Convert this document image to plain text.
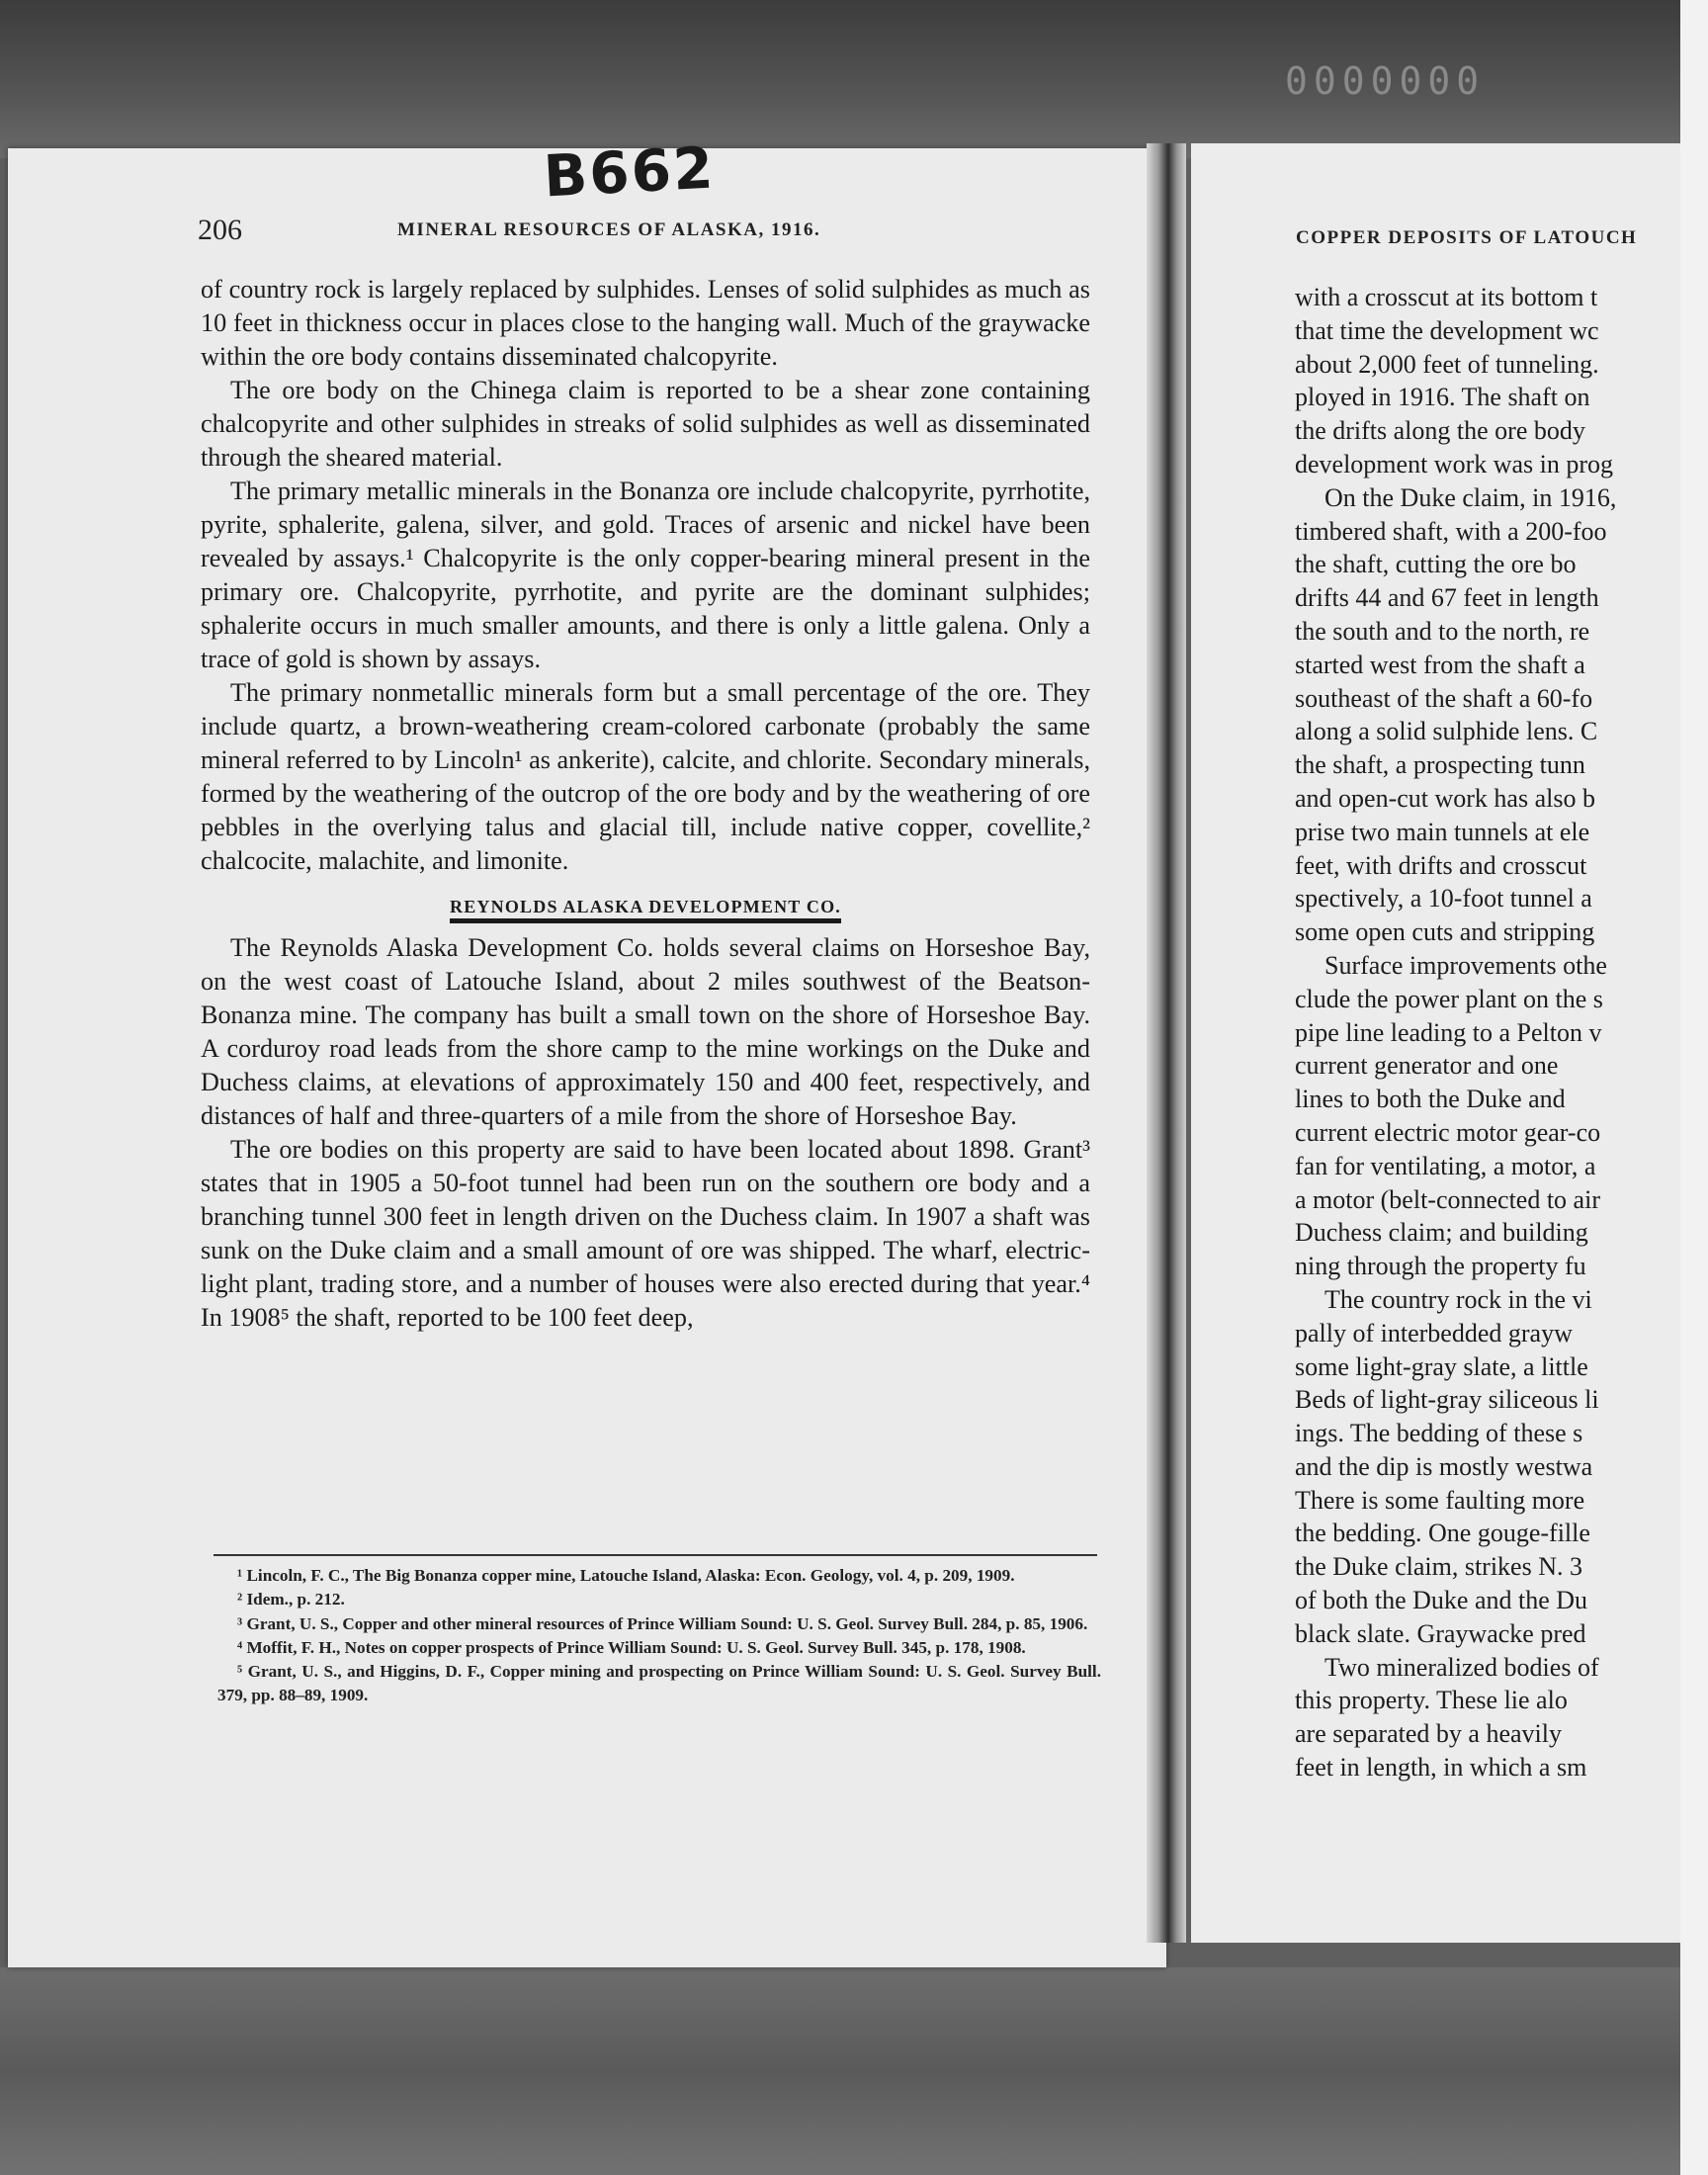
0000000
B662
206	MINERAL RESOURCES OF ALASKA, 1916.

of country rock is largely replaced by sulphides. Lenses of solid sulphides as much as 10 feet in thickness occur in places close to the hanging wall. Much of the graywacke within the ore body contains disseminated chalcopyrite.

The ore body on the Chinega claim is reported to be a shear zone containing chalcopyrite and other sulphides in streaks of solid sulphides as well as disseminated through the sheared material.

The primary metallic minerals in the Bonanza ore include chalcopyrite, pyrrhotite, pyrite, sphalerite, galena, silver, and gold. Traces of arsenic and nickel have been revealed by assays.¹ Chalcopyrite is the only copper-bearing mineral present in the primary ore. Chalcopyrite, pyrrhotite, and pyrite are the dominant sulphides; sphalerite occurs in much smaller amounts, and there is only a little galena. Only a trace of gold is shown by assays.

The primary nonmetallic minerals form but a small percentage of the ore. They include quartz, a brown-weathering cream-colored carbonate (probably the same mineral referred to by Lincoln¹ as ankerite), calcite, and chlorite. Secondary minerals, formed by the weathering of the outcrop of the ore body and by the weathering of ore pebbles in the overlying talus and glacial till, include native copper, covellite,² chalcocite, malachite, and limonite.

REYNOLDS ALASKA DEVELOPMENT CO.

The Reynolds Alaska Development Co. holds several claims on Horseshoe Bay, on the west coast of Latouche Island, about 2 miles southwest of the Beatson-Bonanza mine. The company has built a small town on the shore of Horseshoe Bay. A corduroy road leads from the shore camp to the mine workings on the Duke and Duchess claims, at elevations of approximately 150 and 400 feet, respectively, and distances of half and three-quarters of a mile from the shore of Horseshoe Bay.

The ore bodies on this property are said to have been located about 1898. Grant³ states that in 1905 a 50-foot tunnel had been run on the southern ore body and a branching tunnel 300 feet in length driven on the Duchess claim. In 1907 a shaft was sunk on the Duke claim and a small amount of ore was shipped. The wharf, electric-light plant, trading store, and a number of houses were also erected during that year.⁴ In 1908⁵ the shaft, reported to be 100 feet deep,

¹ Lincoln, F. C., The Big Bonanza copper mine, Latouche Island, Alaska: Econ. Geology, vol. 4, p. 209, 1909.

² Idem., p. 212.

³ Grant, U. S., Copper and other mineral resources of Prince William Sound: U. S. Geol. Survey Bull. 284, p. 85, 1906.

⁴ Moffit, F. H., Notes on copper prospects of Prince William Sound: U. S. Geol. Survey Bull. 345, p. 178, 1908.

⁵ Grant, U. S., and Higgins, D. F., Copper mining and prospecting on Prince William Sound: U. S. Geol. Survey Bull. 379, pp. 88–89, 1909.

COPPER DEPOSITS OF LATOUCH
with a crosscut at its bottom t
that time the development wc
about 2,000 feet of tunneling.
ployed in 1916. The shaft on
the drifts along the ore body
development work was in prog
On the Duke claim, in 1916,
timbered shaft, with a 200-foo
the shaft, cutting the ore bo
drifts 44 and 67 feet in length
the south and to the north, re
started west from the shaft a
southeast of the shaft a 60-fo
along a solid sulphide lens. C
the shaft, a prospecting tunn
and open-cut work has also b
prise two main tunnels at ele
feet, with drifts and crosscut
spectively, a 10-foot tunnel a
some open cuts and stripping
Surface improvements othe
clude the power plant on the s
pipe line leading to a Pelton v
current generator and one
lines to both the Duke and
current electric motor gear-co
fan for ventilating, a motor, a
a motor (belt-connected to air
Duchess claim; and building
ning through the property fu
The country rock in the vi
pally of interbedded grayw
some light-gray slate, a little
Beds of light-gray siliceous li
ings. The bedding of these s
and the dip is mostly westwa
There is some faulting more
the bedding. One gouge-fille
the Duke claim, strikes N. 3
of both the Duke and the Du
black slate. Graywacke pred
Two mineralized bodies of
this property. These lie alo
are separated by a heavily
feet in length, in which a sm
